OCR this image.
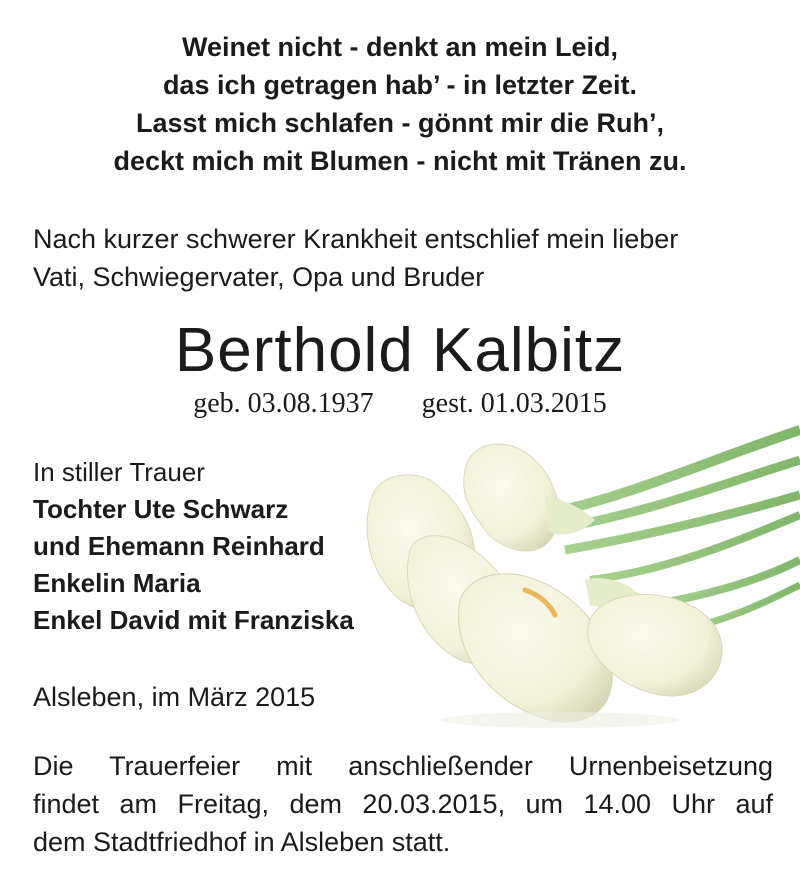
Weinet nicht - denkt an mein Leid,
das ich getragen hab’ - in letzter Zeit.
Lasst mich schlafen - gönnt mir die Ruh’,
deckt mich mit Blumen - nicht mit Tränen zu.
Nach kurzer schwerer Krankheit entschlief mein lieber
Vati, Schwiegervater, Opa und Bruder
Berthold Kalbitz
geb. 03.08.1937 gest. 01.03.2015
In stiller Trauer
Tochter Ute Schwarz
und Ehemann Reinhard
Enkelin Maria
Enkel David mit Franziska
Alsleben, im März 2015
Die Trauerfeier mit anschließender Urnenbeisetzung
findet am Freitag, dem 20.03.2015, um 14.00 Uhr auf
dem Stadtfriedhof in Alsleben statt.
